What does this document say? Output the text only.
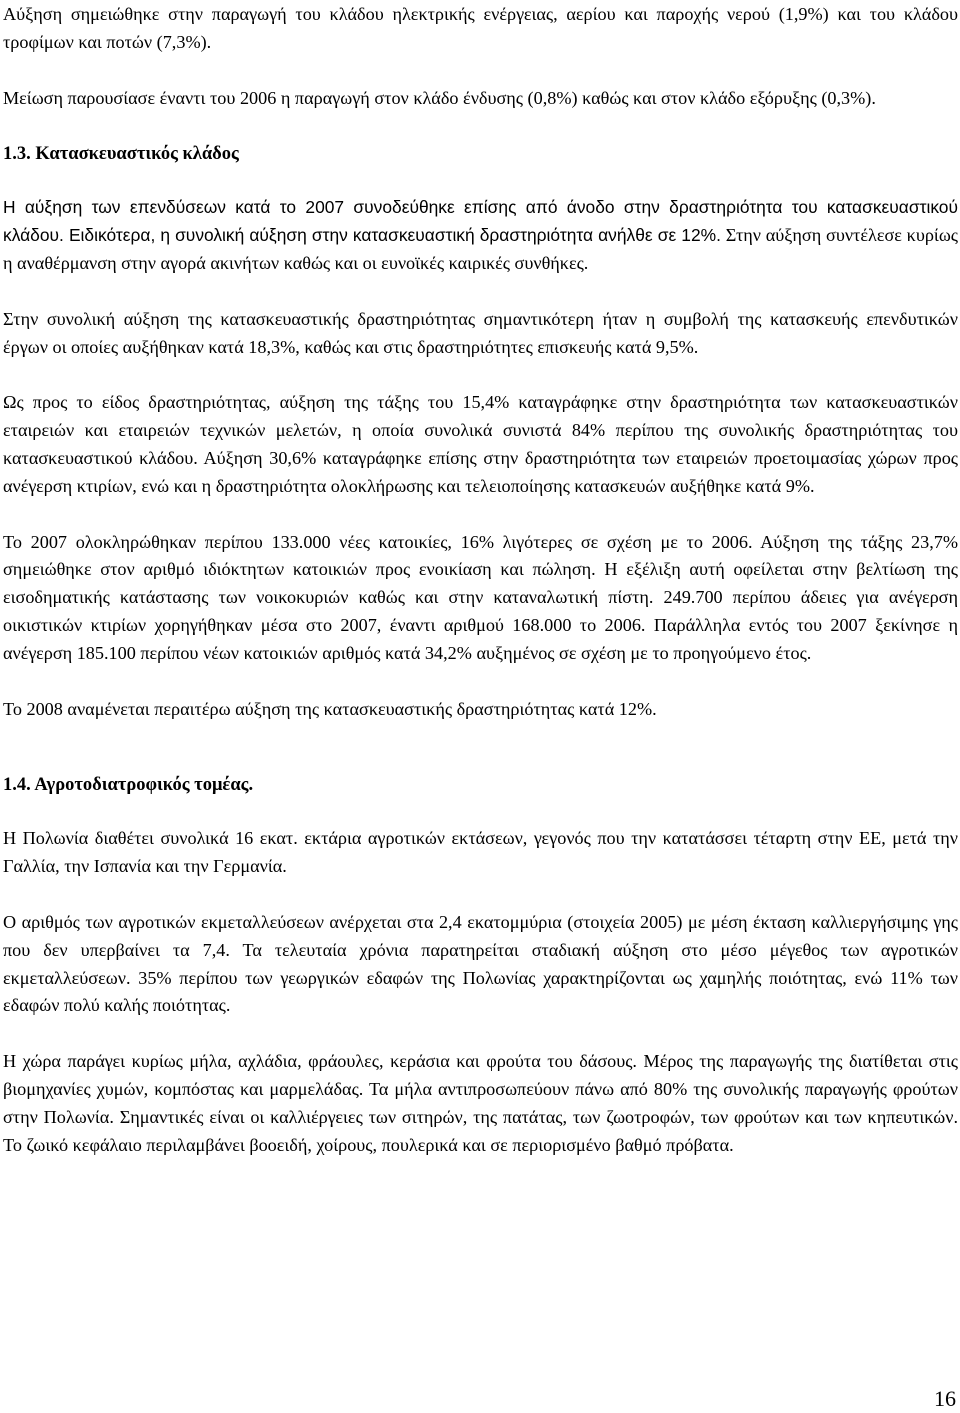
Αύξηση σημειώθηκε στην παραγωγή του κλάδου ηλεκτρικής ενέργειας, αερίου και παροχής νερού (1,9%) και του κλάδου τροφίμων και ποτών (7,3%).

Μείωση παρουσίασε έναντι του 2006 η παραγωγή στον κλάδο ένδυσης (0,8%) καθώς και στον κλάδο εξόρυξης (0,3%).

1.3. Κατασκευαστικός κλάδος

Η αύξηση των επενδύσεων κατά το 2007 συνοδεύθηκε επίσης από άνοδο στην δραστηριότητα του κατασκευαστικού κλάδου. Ειδικότερα, η συνολική αύξηση στην κατασκευαστική δραστηριότητα ανήλθε σε 12%. Στην αύξηση συντέλεσε κυρίως η αναθέρμανση στην αγορά ακινήτων καθώς και οι ευνοϊκές καιρικές συνθήκες.

Στην συνολική αύξηση της κατασκευαστικής δραστηριότητας σημαντικότερη ήταν η συμβολή της κατασκευής επενδυτικών έργων οι οποίες αυξήθηκαν κατά 18,3%, καθώς και στις δραστηριότητες επισκευής κατά 9,5%.

Ως προς το είδος δραστηριότητας, αύξηση της τάξης του 15,4% καταγράφηκε στην δραστηριότητα των κατασκευαστικών εταιρειών και εταιρειών τεχνικών μελετών, η οποία συνολικά συνιστά 84% περίπου της συνολικής δραστηριότητας του κατασκευαστικού κλάδου. Αύξηση 30,6% καταγράφηκε επίσης στην δραστηριότητα των εταιρειών προετοιμασίας χώρων προς ανέγερση κτιρίων, ενώ και η δραστηριότητα ολοκλήρωσης και τελειοποίησης κατασκευών αυξήθηκε κατά 9%.

Το 2007 ολοκληρώθηκαν περίπου 133.000 νέες κατοικίες, 16% λιγότερες σε σχέση με το 2006. Αύξηση της τάξης 23,7% σημειώθηκε στον αριθμό ιδιόκτητων κατοικιών προς ενοικίαση και πώληση. Η εξέλιξη αυτή οφείλεται στην βελτίωση της εισοδηματικής κατάστασης των νοικοκυριών καθώς και στην καταναλωτική πίστη. 249.700 περίπου άδειες για ανέγερση οικιστικών κτιρίων χορηγήθηκαν μέσα στο 2007, έναντι αριθμού 168.000 το 2006. Παράλληλα εντός του 2007 ξεκίνησε η ανέγερση 185.100 περίπου νέων κατοικιών αριθμός κατά 34,2% αυξημένος σε σχέση με το προηγούμενο έτος.

Το 2008 αναμένεται περαιτέρω αύξηση της κατασκευαστικής δραστηριότητας κατά 12%.

1.4. Αγροτοδιατροφικός τομέας.

Η Πολωνία διαθέτει συνολικά 16 εκατ. εκτάρια αγροτικών εκτάσεων, γεγονός που την κατατάσσει τέταρτη στην ΕΕ, μετά την Γαλλία, την Ισπανία και την Γερμανία.

Ο αριθμός των αγροτικών εκμεταλλεύσεων ανέρχεται στα 2,4 εκατομμύρια (στοιχεία 2005) με μέση έκταση καλλιεργήσιμης γης που δεν υπερβαίνει τα 7,4. Τα τελευταία χρόνια παρατηρείται σταδιακή αύξηση στο μέσο μέγεθος των αγροτικών εκμεταλλεύσεων. 35% περίπου των γεωργικών εδαφών της Πολωνίας χαρακτηρίζονται ως χαμηλής ποιότητας, ενώ 11% των εδαφών πολύ καλής ποιότητας.

Η χώρα παράγει κυρίως μήλα, αχλάδια, φράουλες, κεράσια και φρούτα του δάσους. Μέρος της παραγωγής της διατίθεται στις βιομηχανίες χυμών, κομπόστας και μαρμελάδας. Τα μήλα αντιπροσωπεύουν πάνω από 80% της συνολικής παραγωγής φρούτων στην Πολωνία. Σημαντικές είναι οι καλλιέργειες των σιτηρών, της πατάτας, των ζωοτροφών, των φρούτων και των κηπευτικών. Το ζωικό κεφάλαιο περιλαμβάνει βοοειδή, χοίρους, πουλερικά και σε περιορισμένο βαθμό πρόβατα.

16
